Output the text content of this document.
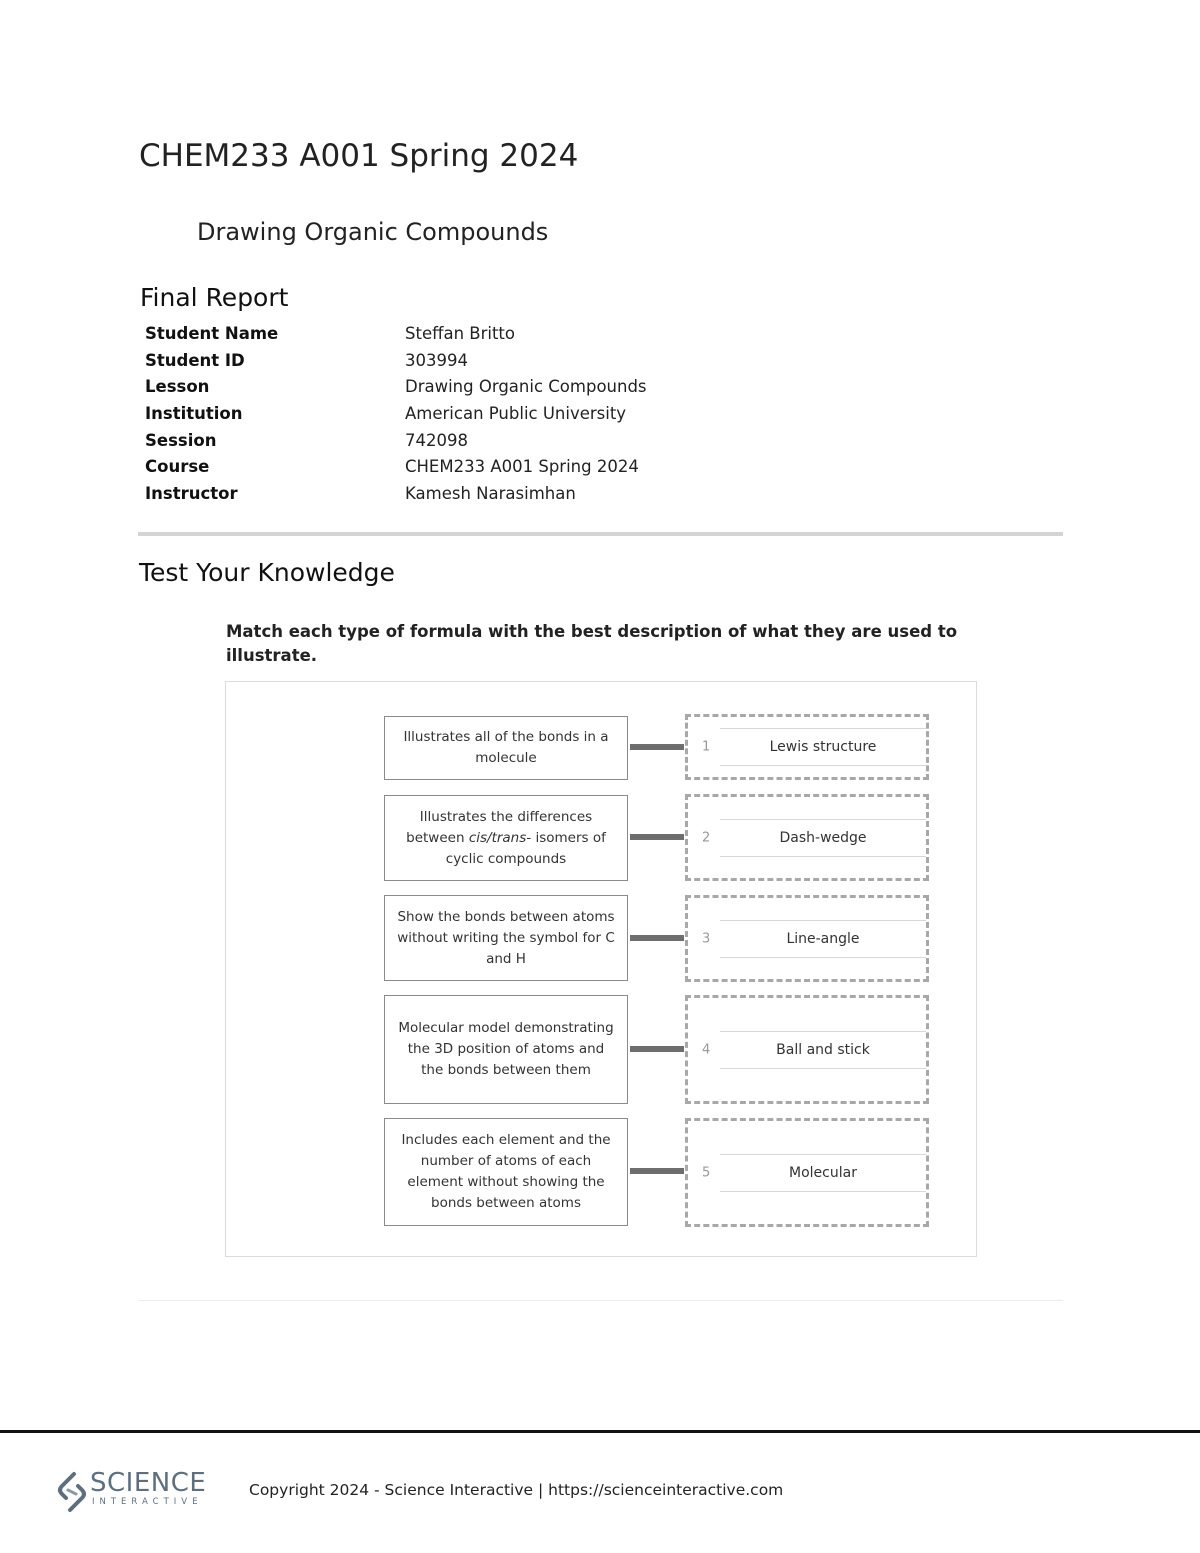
CHEM233 A001 Spring 2024
Drawing Organic Compounds
Final Report
Student Name	Steffan Britto
Student ID	303994
Lesson	Drawing Organic Compounds
Institution	American Public University
Session	742098
Course	CHEM233 A001 Spring 2024
Instructor	Kamesh Narasimhan
Test Your Knowledge

Match each type of formula with the best description of what they are used to illustrate.

Illustrates all of the bonds in a molecule
1	Lewis structure
Illustrates the differences
between cis/trans- isomers of
cyclic compounds
2	Dash-wedge
Show the bonds between atoms without writing the symbol for C and H
3	Line-angle
Molecular model demonstrating the 3D position of atoms and the bonds between them
4	Ball and stick
Includes each element and the number of atoms of each element without showing the bonds between atoms
5	Molecular
SCIENCE
INTERACTIVE
Copyright 2024 - Science Interactive | https://scienceinteractive.com
